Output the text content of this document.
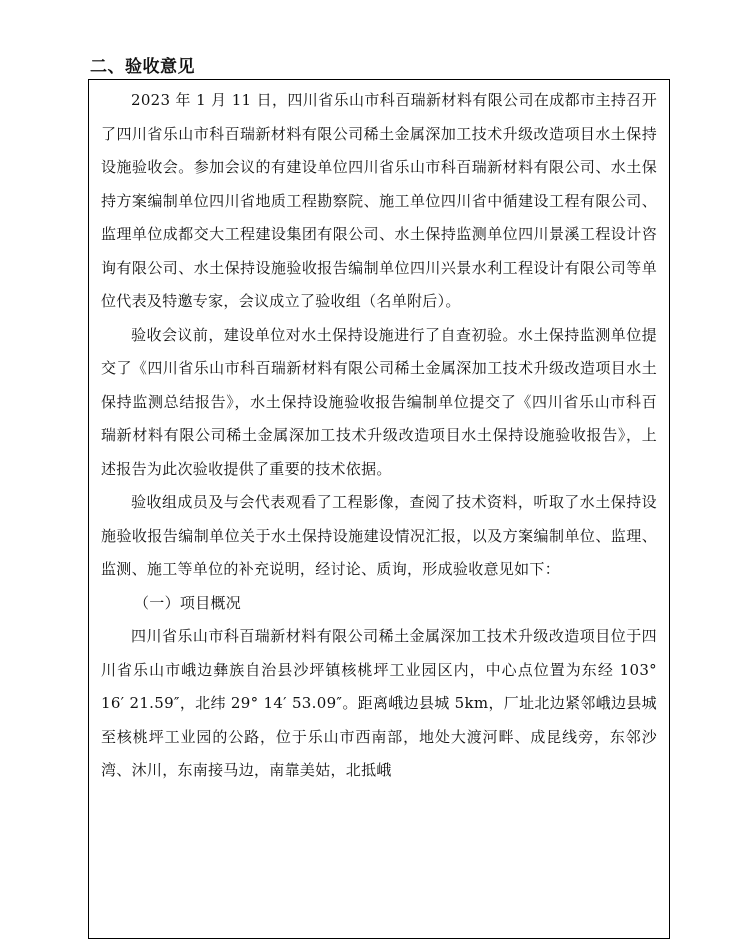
二、验收意见

2023 年 1 月 11 日，四川省乐山市科百瑞新材料有限公司在成都市主持召开了四川省乐山市科百瑞新材料有限公司稀土金属深加工技术升级改造项目水土保持设施验收会。参加会议的有建设单位四川省乐山市科百瑞新材料有限公司、水土保持方案编制单位四川省地质工程勘察院、施工单位四川省中循建设工程有限公司、监理单位成都交大工程建设集团有限公司、水土保持监测单位四川景溪工程设计咨询有限公司、水土保持设施验收报告编制单位四川兴景水利工程设计有限公司等单位代表及特邀专家，会议成立了验收组（名单附后）。

验收会议前，建设单位对水土保持设施进行了自查初验。水土保持监测单位提交了《四川省乐山市科百瑞新材料有限公司稀土金属深加工技术升级改造项目水土保持监测总结报告》，水土保持设施验收报告编制单位提交了《四川省乐山市科百瑞新材料有限公司稀土金属深加工技术升级改造项目水土保持设施验收报告》，上述报告为此次验收提供了重要的技术依据。

验收组成员及与会代表观看了工程影像，查阅了技术资料，听取了水土保持设施验收报告编制单位关于水土保持设施建设情况汇报，以及方案编制单位、监理、监测、施工等单位的补充说明，经讨论、质询，形成验收意见如下：

（一）项目概况

四川省乐山市科百瑞新材料有限公司稀土金属深加工技术升级改造项目位于四川省乐山市峨边彝族自治县沙坪镇核桃坪工业园区内，中心点位置为东经 103° 16′ 21.59″，北纬 29° 14′ 53.09″。距离峨边县城 5km，厂址北边紧邻峨边县城至核桃坪工业园的公路，位于乐山市西南部，地处大渡河畔、成昆线旁，东邻沙湾、沐川，东南接马边，南靠美姑，北抵峨
